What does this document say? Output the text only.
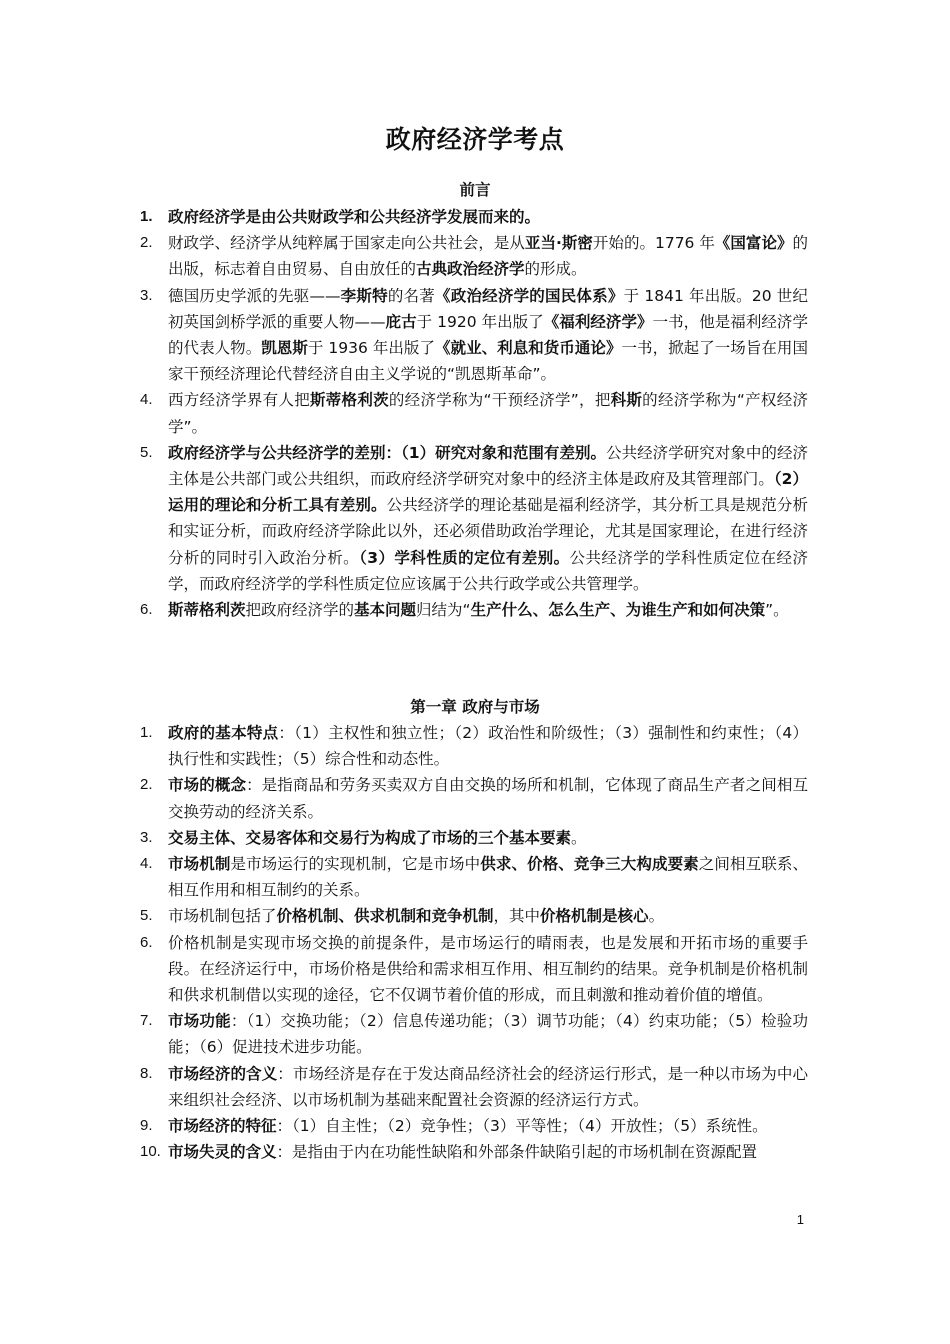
政府经济学考点
前言
1. 政府经济学是由公共财政学和公共经济学发展而来的。
2. 财政学、经济学从纯粹属于国家走向公共社会，是从亚当·斯密开始的。1776 年《国富论》的出版，标志着自由贸易、自由放任的古典政治经济学的形成。
3. 德国历史学派的先驱——李斯特的名著《政治经济学的国民体系》于 1841 年出版。20 世纪初英国剑桥学派的重要人物——庇古于 1920 年出版了《福利经济学》一书，他是福利经济学的代表人物。凯恩斯于 1936 年出版了《就业、利息和货币通论》一书，掀起了一场旨在用国家干预经济理论代替经济自由主义学说的“凯恩斯革命”。
4. 西方经济学界有人把斯蒂格利茨的经济学称为“干预经济学”，把科斯的经济学称为“产权经济学”。
5. 政府经济学与公共经济学的差别：（1）研究对象和范围有差别。公共经济学研究对象中的经济主体是公共部门或公共组织，而政府经济学研究对象中的经济主体是政府及其管理部门。（2）运用的理论和分析工具有差别。公共经济学的理论基础是福利经济学，其分析工具是规范分析和实证分析，而政府经济学除此以外，还必须借助政治学理论，尤其是国家理论，在进行经济分析的同时引入政治分析。（3）学科性质的定位有差别。公共经济学的学科性质定位在经济学，而政府经济学的学科性质定位应该属于公共行政学或公共管理学。
6. 斯蒂格利茨把政府经济学的基本问题归结为“生产什么、怎么生产、为谁生产和如何决策”。
第一章 政府与市场
1. 政府的基本特点：（1）主权性和独立性；（2）政治性和阶级性；（3）强制性和约束性；（4）执行性和实践性；（5）综合性和动态性。
2. 市场的概念：是指商品和劳务买卖双方自由交换的场所和机制，它体现了商品生产者之间相互交换劳动的经济关系。
3. 交易主体、交易客体和交易行为构成了市场的三个基本要素。
4. 市场机制是市场运行的实现机制，它是市场中供求、价格、竞争三大构成要素之间相互联系、相互作用和相互制约的关系。
5. 市场机制包括了价格机制、供求机制和竞争机制，其中价格机制是核心。
6. 价格机制是实现市场交换的前提条件，是市场运行的晴雨表，也是发展和开拓市场的重要手段。在经济运行中，市场价格是供给和需求相互作用、相互制约的结果。竞争机制是价格机制和供求机制借以实现的途径，它不仅调节着价值的形成，而且刺激和推动着价值的增值。
7. 市场功能：（1）交换功能；（2）信息传递功能；（3）调节功能；（4）约束功能；（5）检验功能；（6）促进技术进步功能。
8. 市场经济的含义：市场经济是存在于发达商品经济社会的经济运行形式，是一种以市场为中心来组织社会经济、以市场机制为基础来配置社会资源的经济运行方式。
9. 市场经济的特征：（1）自主性；（2）竞争性；（3）平等性；（4）开放性；（5）系统性。
10. 市场失灵的含义：是指由于内在功能性缺陷和外部条件缺陷引起的市场机制在资源配置
1
